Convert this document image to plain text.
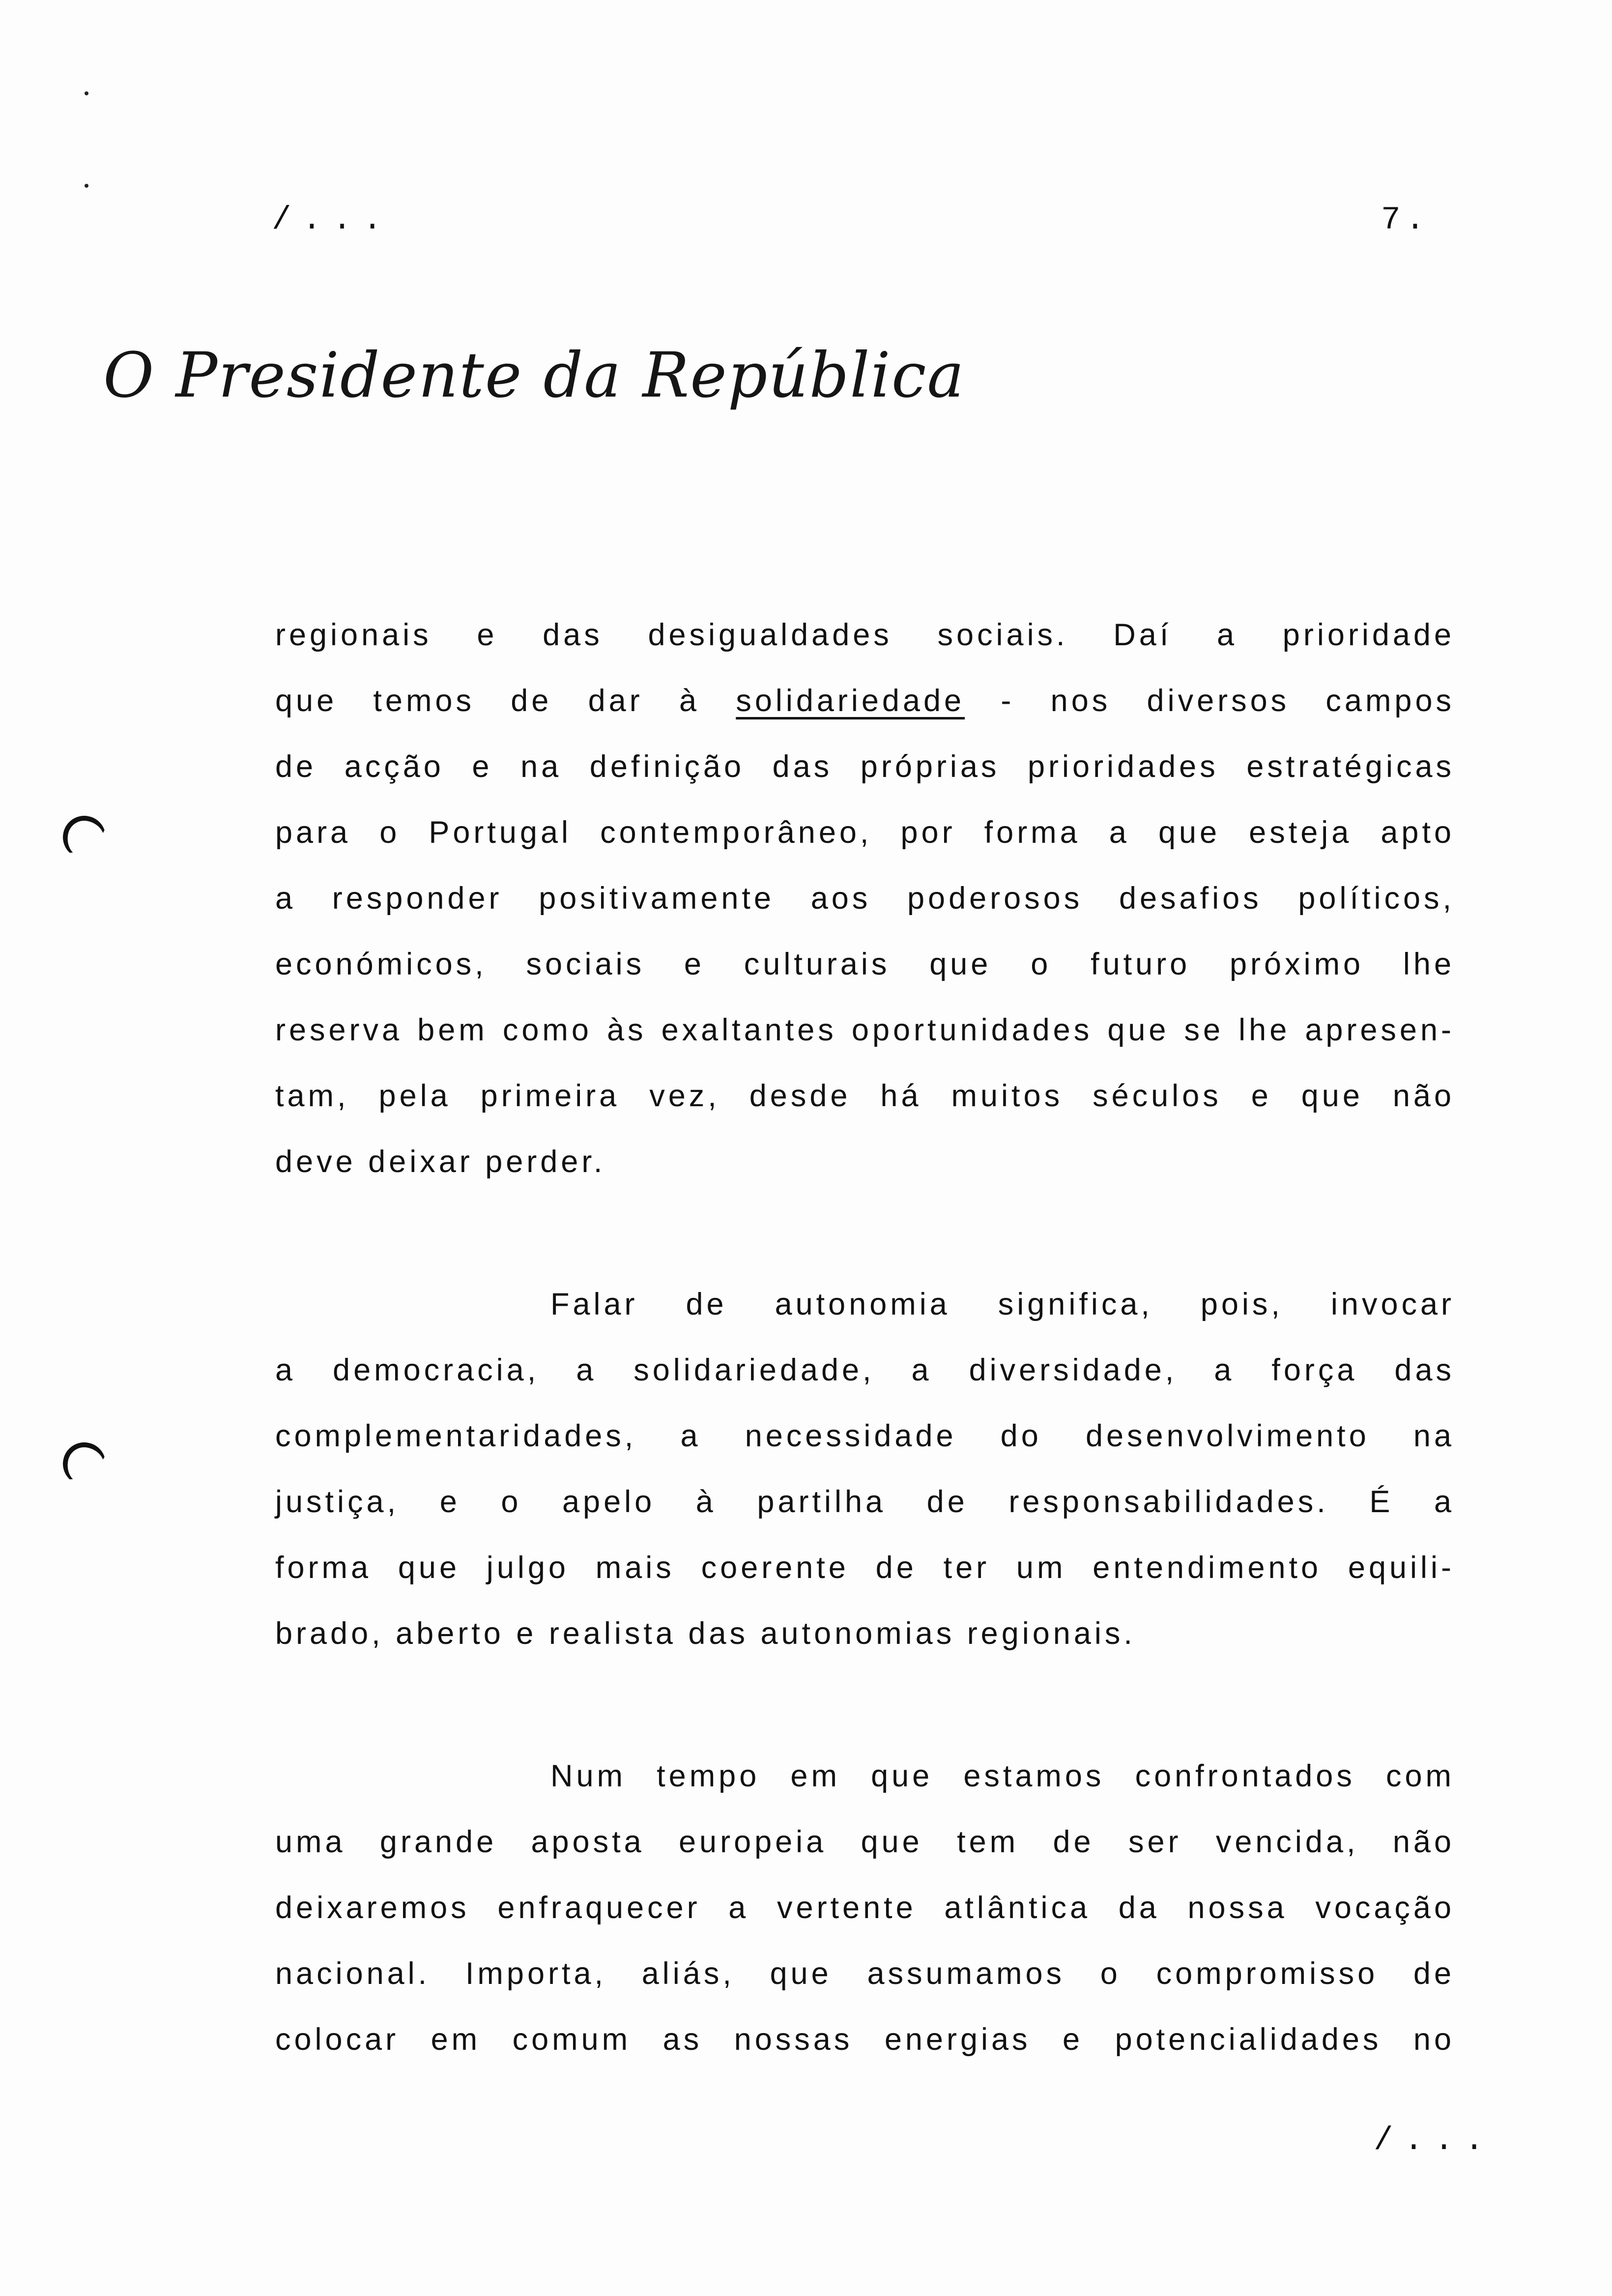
/...	7.
O Presidente da República
regionais e das desigualdades sociais. Daí a prioridade
que temos de dar à solidariedade - nos diversos campos
de acção e na definição das próprias prioridades estratégicas
para o Portugal contemporâneo, por forma a que esteja apto
a responder positivamente aos poderosos desafios políticos,
económicos, sociais e culturais que o futuro próximo lhe
reserva bem como às exaltantes oportunidades que se lhe apresen-
tam, pela primeira vez, desde há muitos séculos e que não
deve deixar perder.
Falar de autonomia significa, pois, invocar
a democracia, a solidariedade, a diversidade, a força das
complementaridades, a necessidade do desenvolvimento na
justiça, e o apelo à partilha de responsabilidades. É a
forma que julgo mais coerente de ter um entendimento equili-
brado, aberto e realista das autonomias regionais.
Num tempo em que estamos confrontados com
uma grande aposta europeia que tem de ser vencida, não
deixaremos enfraquecer a vertente atlântica da nossa vocação
nacional. Importa, aliás, que assumamos o compromisso de
colocar em comum as nossas energias e potencialidades no
/...
